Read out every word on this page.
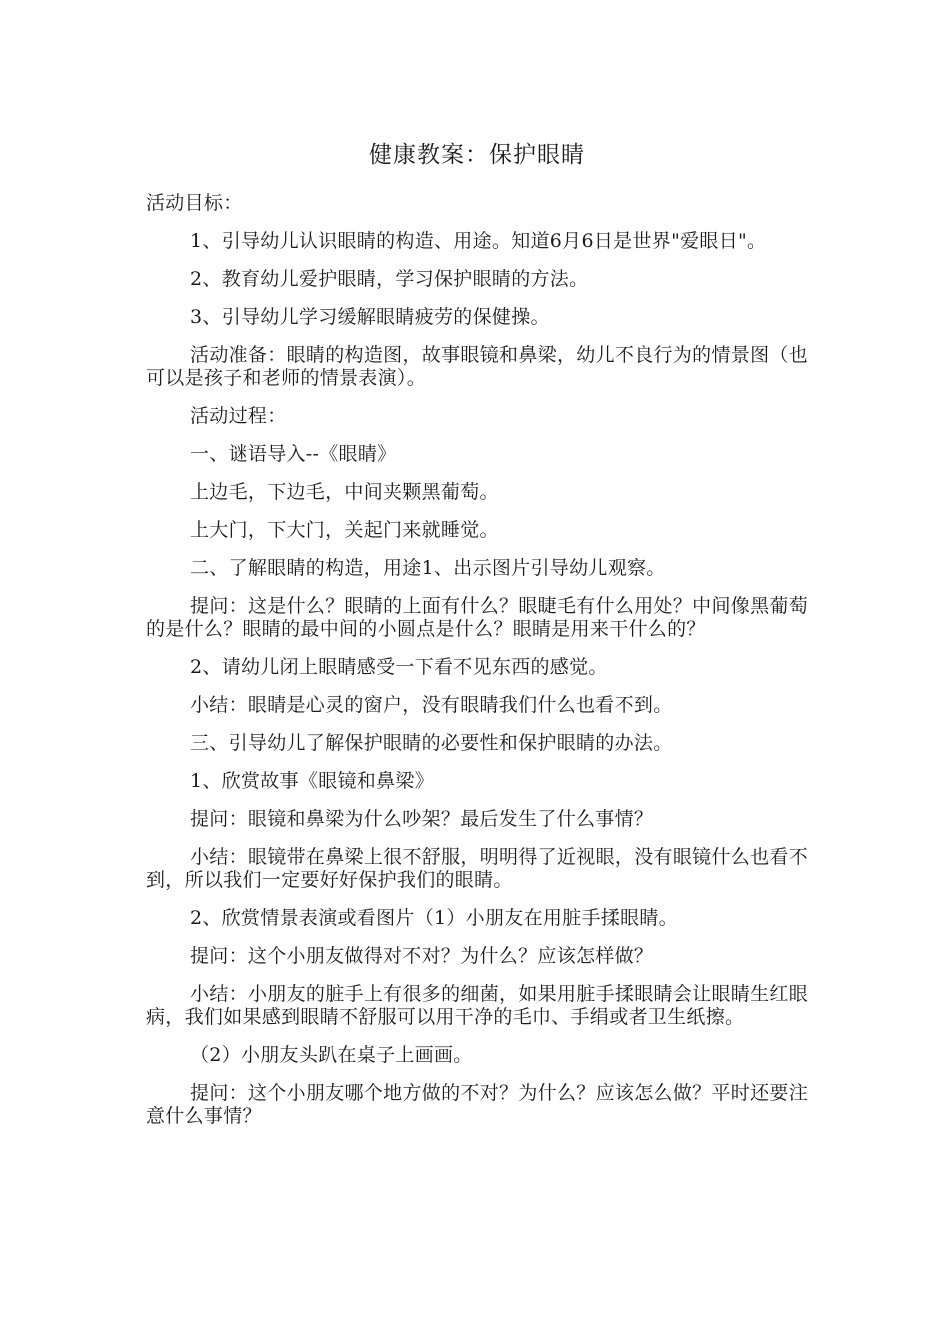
健康教案：保护眼睛

活动目标：

1、引导幼儿认识眼睛的构造、用途。知道6月6日是世界"爱眼日"。

2、教育幼儿爱护眼睛，学习保护眼睛的方法。

3、引导幼儿学习缓解眼睛疲劳的保健操。

活动准备：眼睛的构造图，故事眼镜和鼻梁，幼儿不良行为的情景图（也可以是孩子和老师的情景表演）。

活动过程：

一、谜语导入--《眼睛》

上边毛，下边毛，中间夹颗黑葡萄。

上大门，下大门，关起门来就睡觉。

二、了解眼睛的构造，用途1、出示图片引导幼儿观察。

提问：这是什么？眼睛的上面有什么？眼睫毛有什么用处？中间像黑葡萄的是什么？眼睛的最中间的小圆点是什么？眼睛是用来干什么的？

2、请幼儿闭上眼睛感受一下看不见东西的感觉。

小结：眼睛是心灵的窗户，没有眼睛我们什么也看不到。

三、引导幼儿了解保护眼睛的必要性和保护眼睛的办法。

1、欣赏故事《眼镜和鼻梁》

提问：眼镜和鼻梁为什么吵架？最后发生了什么事情？

小结：眼镜带在鼻梁上很不舒服，明明得了近视眼，没有眼镜什么也看不到，所以我们一定要好好保护我们的眼睛。

2、欣赏情景表演或看图片（1）小朋友在用脏手揉眼睛。

提问：这个小朋友做得对不对？为什么？应该怎样做？

小结：小朋友的脏手上有很多的细菌，如果用脏手揉眼睛会让眼睛生红眼病，我们如果感到眼睛不舒服可以用干净的毛巾、手绢或者卫生纸擦。

（2）小朋友头趴在桌子上画画。

提问：这个小朋友哪个地方做的不对？为什么？应该怎么做？平时还要注意什么事情？
